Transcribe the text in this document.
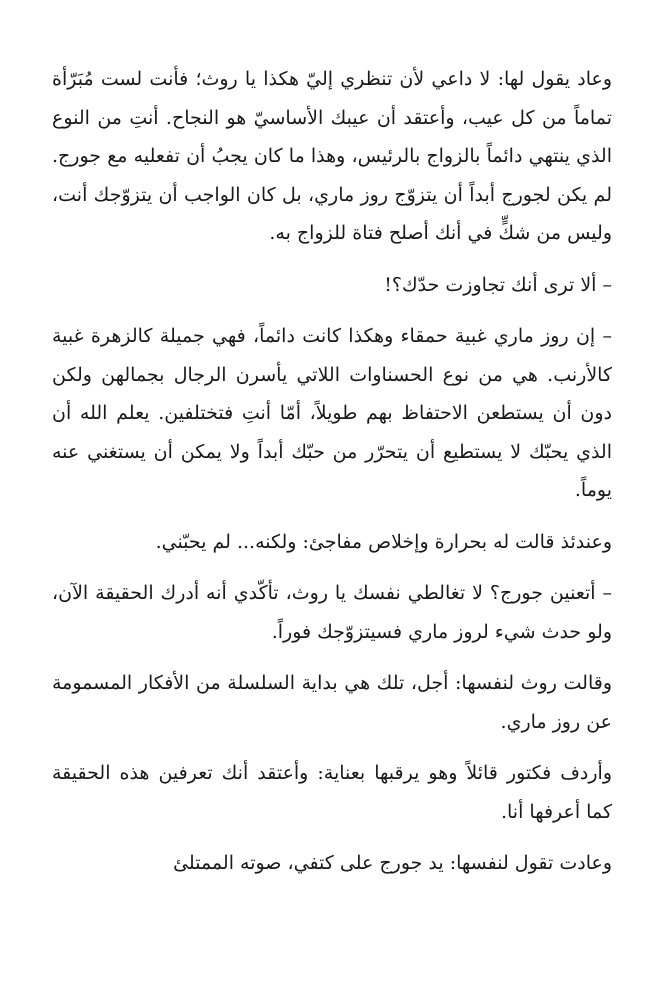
وعاد يقول لها: لا داعي لأن تنظري إليّ هكذا يا روث؛ فأنت لست مُبَرّأة تماماً من كل عيب، وأعتقد أن عيبك الأساسيّ هو النجاح. أنتِ من النوع الذي ينتهي دائماً بالزواج بالرئيس، وهذا ما كان يجبُ أن تفعليه مع جورج. لم يكن لجورج أبداً أن يتزوّج روز ماري، بل كان الواجب أن يتزوّجك أنت، وليس من شكٍّ في أنك أصلح فتاة للزواج به.

– ألا ترى أنك تجاوزت حدّك؟!

– إن روز ماري غبية حمقاء وهكذا كانت دائماً، فهي جميلة كالزهرة غبية كالأرنب. هي من نوع الحسناوات اللاتي يأسرن الرجال بجمالهن ولكن دون أن يستطعن الاحتفاظ بهم طويلاً، أمّا أنتِ فتختلفين. يعلم الله أن الذي يحبّك لا يستطيع أن يتحرّر من حبّك أبداً ولا يمكن أن يستغني عنه يوماً.

وعندئذ قالت له بحرارة وإخلاص مفاجئ: ولكنه... لم يحبّني.

– أتعنين جورج؟ لا تغالطي نفسك يا روث، تأكّدي أنه أدرك الحقيقة الآن، ولو حدث شيء لروز ماري فسيتزوّجك فوراً.

وقالت روث لنفسها: أجل، تلك هي بداية السلسلة من الأفكار المسمومة عن روز ماري.

وأردف فكتور قائلاً وهو يرقبها بعناية: وأعتقد أنك تعرفين هذه الحقيقة كما أعرفها أنا.

وعادت تقول لنفسها: يد جورج على كتفي، صوته الممتلئ
